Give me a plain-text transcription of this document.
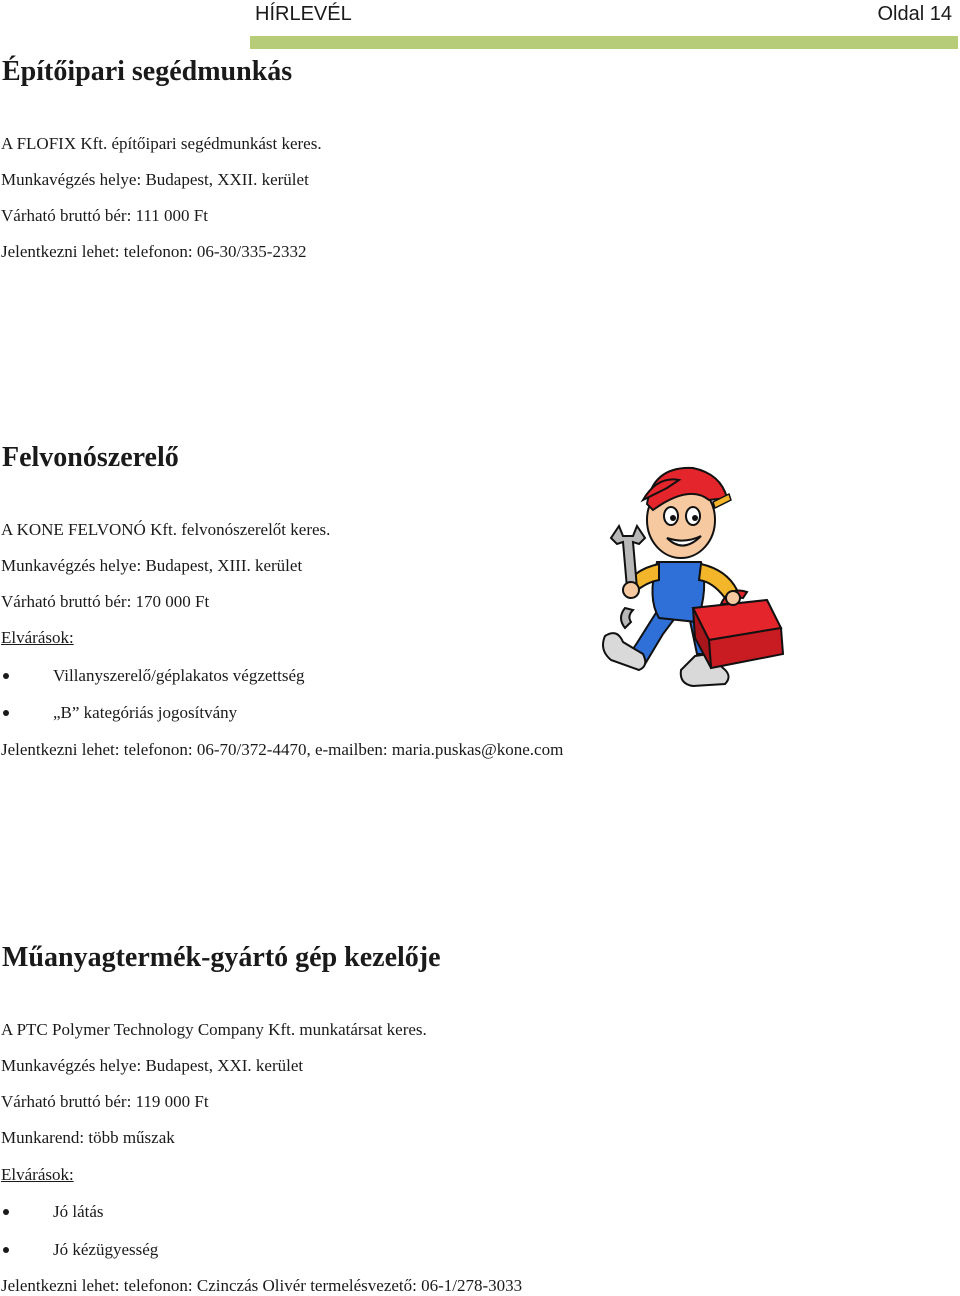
HÍRLEVÉL	Oldal 14
Építőipari segédmunkás

A FLOFIX Kft. építőipari segédmunkást keres.

Munkavégzés helye: Budapest, XXII. kerület

Várható bruttó bér: 111 000 Ft

Jelentkezni lehet: telefonon: 06-30/335-2332

Felvonószerelő

A KONE FELVONÓ Kft. felvonószerelőt keres.

Munkavégzés helye: Budapest, XIII. kerület

Várható bruttó bér: 170 000 Ft

Elvárások:

Villanyszerelő/géplakatos végzettség
„B” kategóriás jogosítvány

Jelentkezni lehet: telefonon: 06-70/372-4470, e-mailben: maria.puskas@kone.com

Műanyagtermék-gyártó gép kezelője

A PTC Polymer Technology Company Kft. munkatársat keres.

Munkavégzés helye: Budapest, XXI. kerület

Várható bruttó bér: 119 000 Ft

Munkarend: több műszak

Elvárások:

Jó látás
Jó kézügyesség

Jelentkezni lehet: telefonon: Czinczás Olivér termelésvezető: 06-1/278-3033
